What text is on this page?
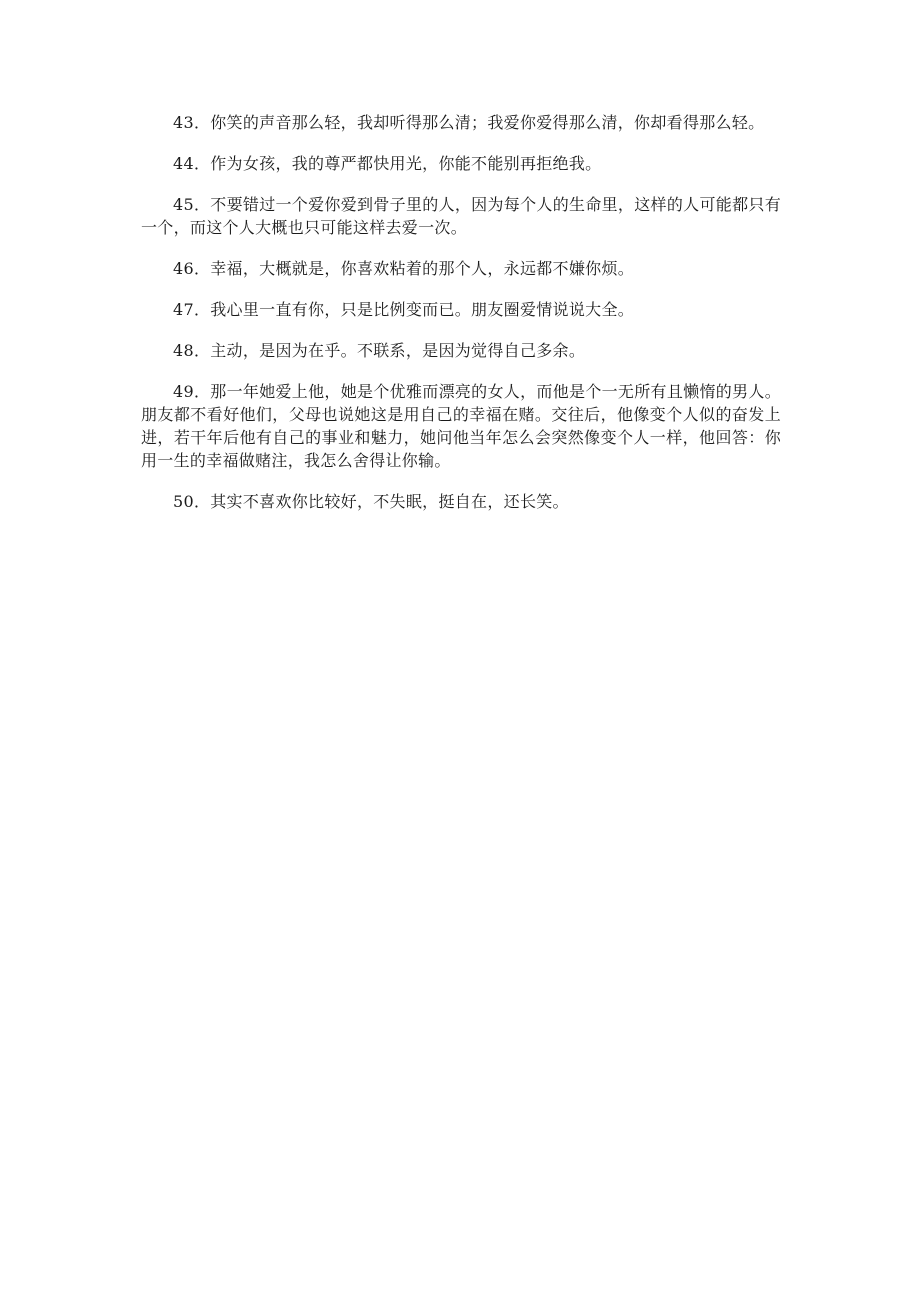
43．你笑的声音那么轻，我却听得那么清；我爱你爱得那么清，你却看得那么轻。

44．作为女孩，我的尊严都快用光，你能不能别再拒绝我。

45．不要错过一个爱你爱到骨子里的人，因为每个人的生命里，这样的人可能都只有一个，而这个人大概也只可能这样去爱一次。

46．幸福，大概就是，你喜欢粘着的那个人，永远都不嫌你烦。

47．我心里一直有你，只是比例变而已。朋友圈爱情说说大全。

48．主动，是因为在乎。不联系，是因为觉得自己多余。

49．那一年她爱上他，她是个优雅而漂亮的女人，而他是个一无所有且懒惰的男人。朋友都不看好他们，父母也说她这是用自己的幸福在赌。交往后，他像变个人似的奋发上进，若干年后他有自己的事业和魅力，她问他当年怎么会突然像变个人一样，他回答：你用一生的幸福做赌注，我怎么舍得让你输。

50．其实不喜欢你比较好，不失眠，挺自在，还长笑。
